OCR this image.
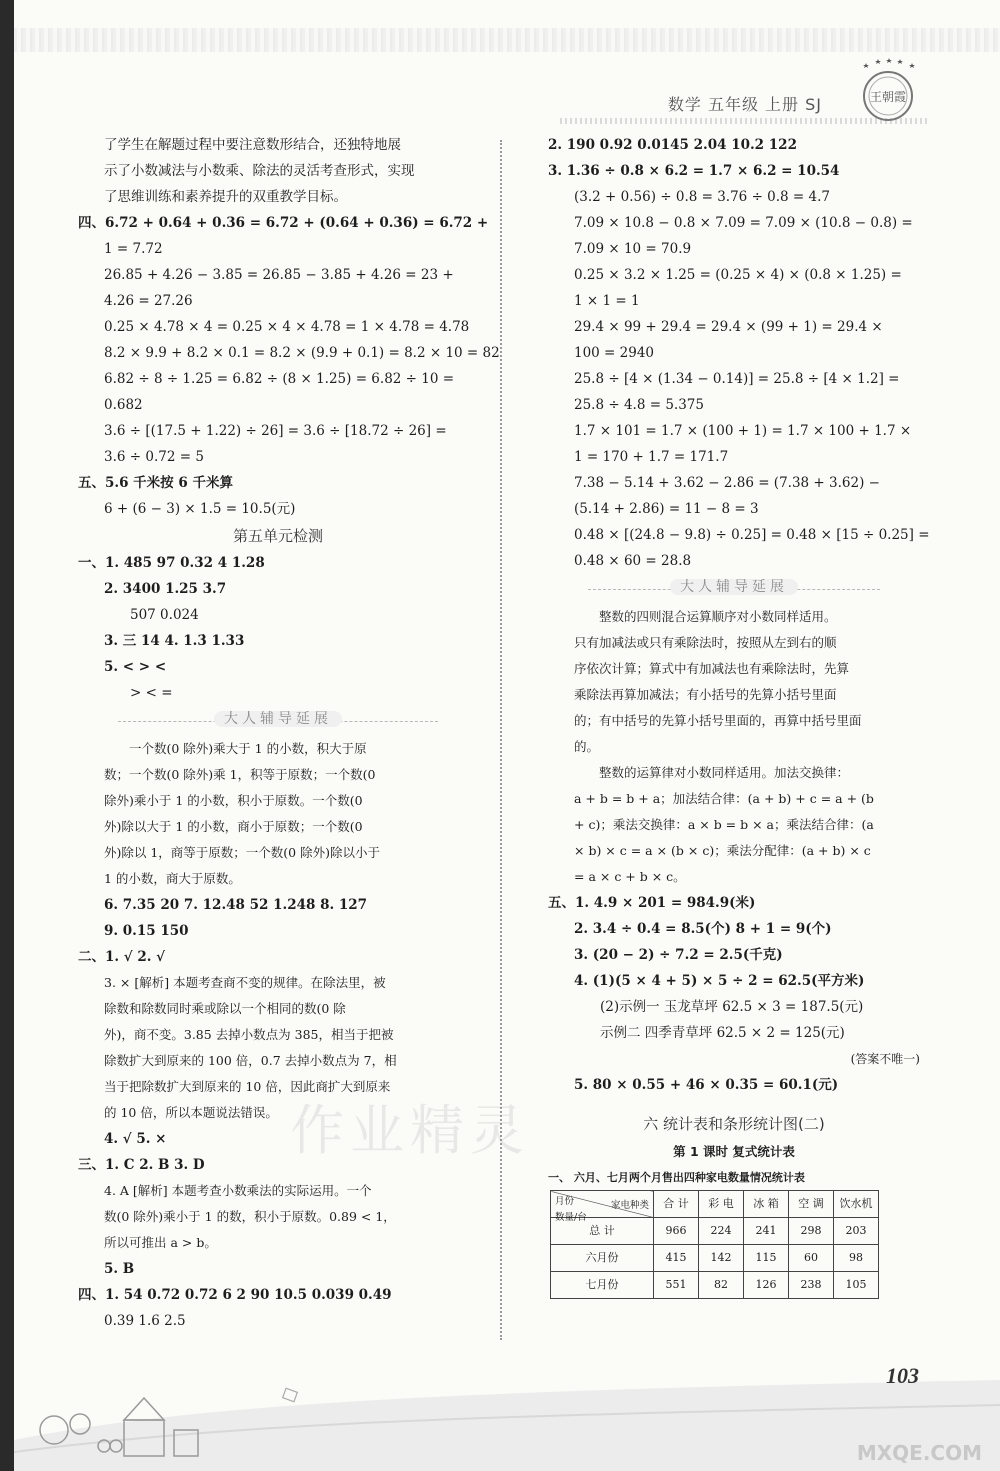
数学 五年级 上册 SJ	王朝霞
了学生在解题过程中要注意数形结合，还独特地展
示了小数减法与小数乘、除法的灵活考查形式，实现
了思维训练和素养提升的双重教学目标。
四、6.72 + 0.64 + 0.36 = 6.72 + (0.64 + 0.36) = 6.72 +
1 = 7.72
26.85 + 4.26 − 3.85 = 26.85 − 3.85 + 4.26 = 23 +
4.26 = 27.26
0.25 × 4.78 × 4 = 0.25 × 4 × 4.78 = 1 × 4.78 = 4.78
8.2 × 9.9 + 8.2 × 0.1 = 8.2 × (9.9 + 0.1) = 8.2 × 10 = 82
6.82 ÷ 8 ÷ 1.25 = 6.82 ÷ (8 × 1.25) = 6.82 ÷ 10 =
0.682
3.6 ÷ [(17.5 + 1.22) ÷ 26] = 3.6 ÷ [18.72 ÷ 26] =
3.6 ÷ 0.72 = 5
五、5.6 千米按 6 千米算
6 + (6 − 3) × 1.5 = 10.5(元)
第五单元检测
一、1. 485 97 0.32 4 1.28
2. 3400 1.25 3.7
507 0.024
3. 三 14 4. 1.3̇ 1.33
5. < > <
> < =
大人辅导延展
一个数(0 除外)乘大于 1 的小数，积大于原
数；一个数(0 除外)乘 1，积等于原数；一个数(0
除外)乘小于 1 的小数，积小于原数。一个数(0
外)除以大于 1 的小数，商小于原数；一个数(0
外)除以 1，商等于原数；一个数(0 除外)除以小于
1 的小数，商大于原数。
6. 7.35 20 7. 12.48 52 1.248 8. 127
9. 0.15 150
二、1. √ 2. √
3. × [解析] 本题考查商不变的规律。在除法里，被
除数和除数同时乘或除以一个相同的数(0 除
外)，商不变。3.85 去掉小数点为 385，相当于把被
除数扩大到原来的 100 倍，0.7 去掉小数点为 7，相
当于把除数扩大到原来的 10 倍，因此商扩大到原来
的 10 倍，所以本题说法错误。
4. √ 5. ×
三、1. C 2. B 3. D
4. A [解析] 本题考查小数乘法的实际运用。一个
数(0 除外)乘小于 1 的数，积小于原数。0.89 < 1，
所以可推出 a > b。
5. B
四、1. 54 0.72 0.72 6 2 90 10.5 0.039 0.49
0.39 1.6 2.5
2. 190 0.92 0.0145 2.04 10.2 122
3. 1.36 ÷ 0.8 × 6.2 = 1.7 × 6.2 = 10.54
(3.2 + 0.56) ÷ 0.8 = 3.76 ÷ 0.8 = 4.7
7.09 × 10.8 − 0.8 × 7.09 = 7.09 × (10.8 − 0.8) =
7.09 × 10 = 70.9
0.25 × 3.2 × 1.25 = (0.25 × 4) × (0.8 × 1.25) =
1 × 1 = 1
29.4 × 99 + 29.4 = 29.4 × (99 + 1) = 29.4 ×
100 = 2940
25.8 ÷ [4 × (1.34 − 0.14)] = 25.8 ÷ [4 × 1.2] =
25.8 ÷ 4.8 = 5.375
1.7 × 101 = 1.7 × (100 + 1) = 1.7 × 100 + 1.7 ×
1 = 170 + 1.7 = 171.7
7.38 − 5.14 + 3.62 − 2.86 = (7.38 + 3.62) −
(5.14 + 2.86) = 11 − 8 = 3
0.48 × [(24.8 − 9.8) ÷ 0.25] = 0.48 × [15 ÷ 0.25] =
0.48 × 60 = 28.8
大人辅导延展
整数的四则混合运算顺序对小数同样适用。
只有加减法或只有乘除法时，按照从左到右的顺
序依次计算；算式中有加减法也有乘除法时，先算
乘除法再算加减法；有小括号的先算小括号里面
的；有中括号的先算小括号里面的，再算中括号里面
的。
整数的运算律对小数同样适用。加法交换律：
a + b = b + a；加法结合律：(a + b) + c = a + (b
+ c)；乘法交换律：a × b = b × a；乘法结合律：(a
× b) × c = a × (b × c)；乘法分配律：(a + b) × c
= a × c + b × c。
五、1. 4.9 × 201 = 984.9(米)
2. 3.4 ÷ 0.4 = 8.5(个) 8 + 1 = 9(个)
3. (20 − 2) ÷ 7.2 = 2.5(千克)
4. (1)(5 × 4 + 5) × 5 ÷ 2 = 62.5(平方米)
(2)示例一 玉龙草坪 62.5 × 3 = 187.5(元)
示例二 四季青草坪 62.5 × 2 = 125(元)
(答案不唯一)
5. 80 × 0.55 + 46 × 0.35 = 60.1(元)
六 统计表和条形统计图(二)
第 1 课时 复式统计表
一、 六月、七月两个月售出四种家电数量情况统计表
家电种类
数量/台
月份	合 计	彩 电	冰 箱	空 调	饮水机
总 计	966	224	241	298	203
六月份	415	142	115	60	98
七月份	551	82	126	238	105
作业精灵
103
MXQE.COM
